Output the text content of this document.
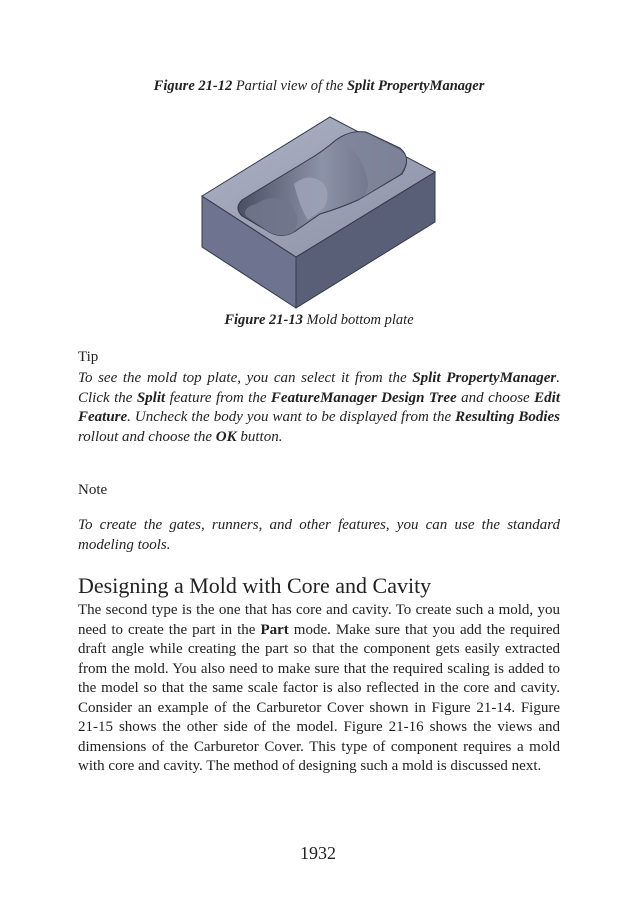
Figure 21-12 Partial view of the Split PropertyManager
Figure 21-13 Mold bottom plate
Tip
To see the mold top plate, you can select it from the Split PropertyManager. Click the Split feature from the FeatureManager Design Tree and choose Edit Feature. Uncheck the body you want to be displayed from the Resulting Bodies rollout and choose the OK button.
Note
To create the gates, runners, and other features, you can use the standard modeling tools.
Designing a Mold with Core and Cavity
The second type is the one that has core and cavity. To create such a mold, you need to create the part in the Part mode. Make sure that you add the required draft angle while creating the part so that the component gets easily extracted from the mold. You also need to make sure that the required scaling is added to the model so that the same scale factor is also reflected in the core and cavity. Consider an example of the Carburetor Cover shown in Figure 21-14. Figure 21-15 shows the other side of the model. Figure 21-16 shows the views and dimensions of the Carburetor Cover. This type of component requires a mold with core and cavity. The method of designing such a mold is discussed next.
1932
